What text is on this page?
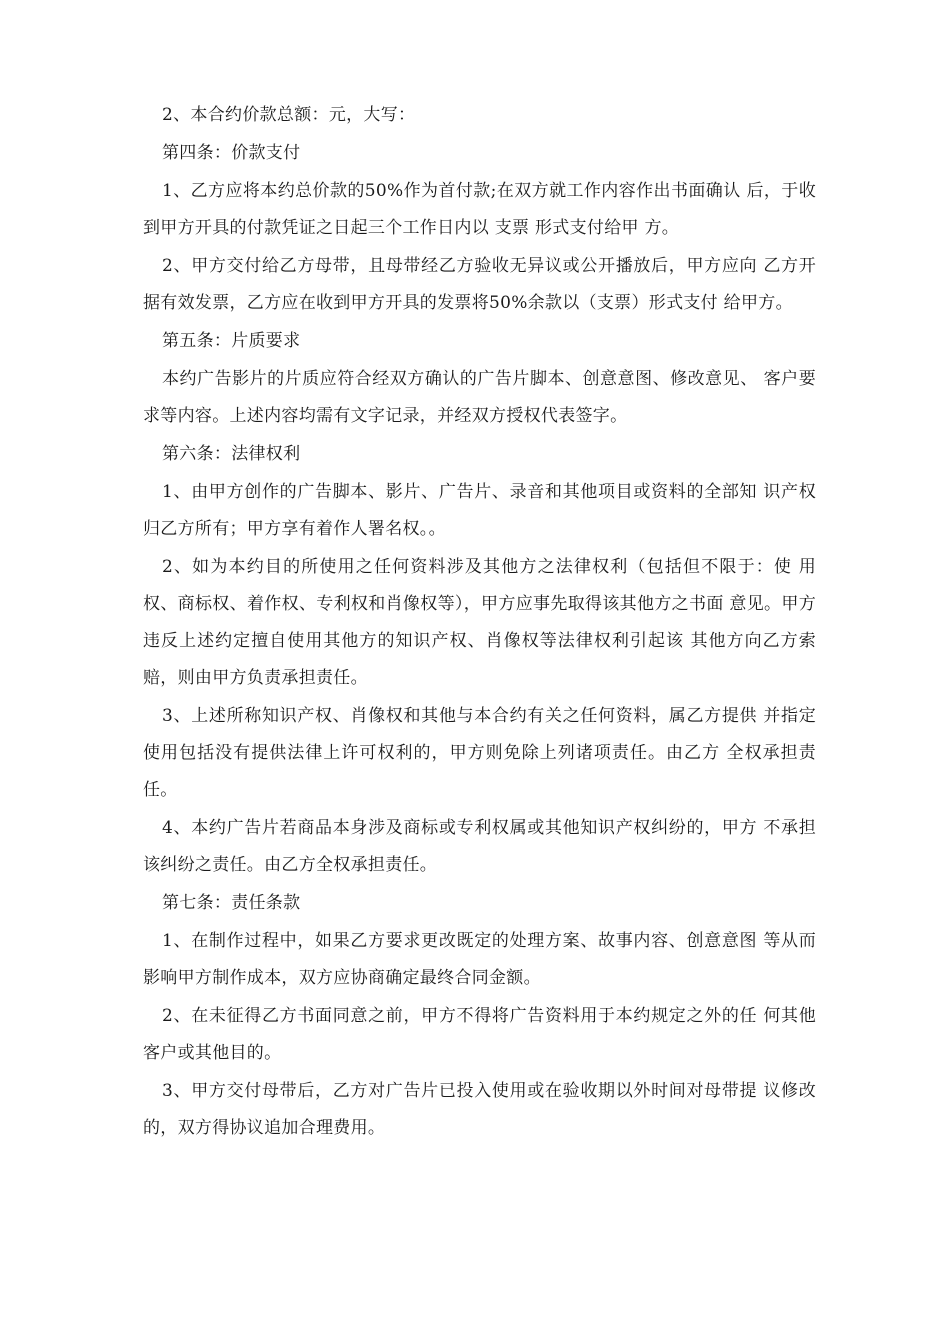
2、本合约价款总额：元，大写：

第四条：价款支付

1、乙方应将本约总价款的50%作为首付款;在双方就工作内容作出书面确认 后，于收到甲方开具的付款凭证之日起三个工作日内以 支票 形式支付给甲 方。

2、甲方交付给乙方母带，且母带经乙方验收无异议或公开播放后，甲方应向 乙方开据有效发票，乙方应在收到甲方开具的发票将50%余款以（支票）形式支付 给甲方。

第五条：片质要求

本约广告影片的片质应符合经双方确认的广告片脚本、创意意图、修改意见、 客户要求等内容。上述内容均需有文字记录，并经双方授权代表签字。

第六条：法律权利

1、由甲方创作的广告脚本、影片、广告片、录音和其他项目或资料的全部知 识产权归乙方所有；甲方享有着作人署名权。。

2、如为本约目的所使用之任何资料涉及其他方之法律权利（包括但不限于：使 用权、商标权、着作权、专利权和肖像权等），甲方应事先取得该其他方之书面 意见。甲方违反上述约定擅自使用其他方的知识产权、肖像权等法律权利引起该 其他方向乙方索赔，则由甲方负责承担责任。

3、上述所称知识产权、肖像权和其他与本合约有关之任何资料，属乙方提供 并指定使用包括没有提供法律上许可权利的，甲方则免除上列诸项责任。由乙方 全权承担责任。

4、本约广告片若商品本身涉及商标或专利权属或其他知识产权纠纷的，甲方 不承担该纠纷之责任。由乙方全权承担责任。

第七条：责任条款

1、在制作过程中，如果乙方要求更改既定的处理方案、故事内容、创意意图 等从而影响甲方制作成本，双方应协商确定最终合同金额。

2、在未征得乙方书面同意之前，甲方不得将广告资料用于本约规定之外的任 何其他客户或其他目的。

3、甲方交付母带后，乙方对广告片已投入使用或在验收期以外时间对母带提 议修改的，双方得协议追加合理费用。
